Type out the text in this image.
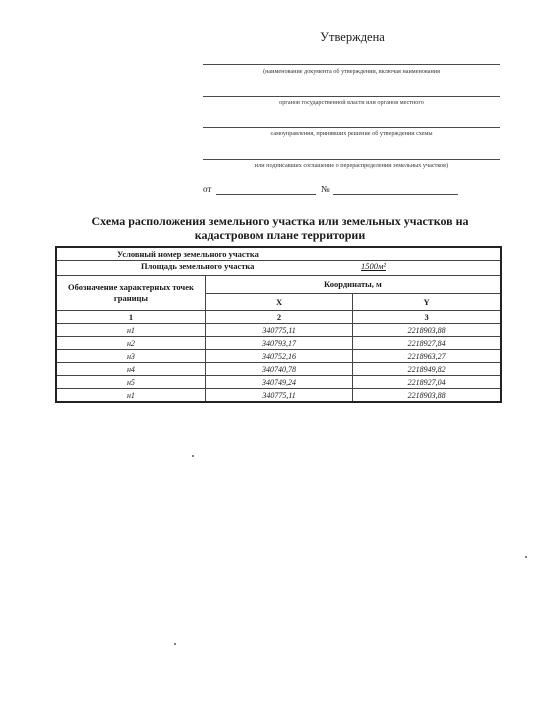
Утверждена
(наименование документа об утверждении, включая наименования
органов государственной власти или органов местного
самоуправления, принявших решение об утверждении схемы
или подписавших соглашение о перераспределении земельных участков)
от	№
Схема расположения земельного участка или земельных участков на
кадастровом плане территории
Условный номер земельного участка		

Площадь земельного участка 1500м²		

Обозначение характерных точек границы	Координаты, м	
	X	Y
1	2	3
н1	340775,11	2218903,88
н2	340793,17	2218927,84
н3	340752,16	2218963,27
н4	340740,78	2218949,82
н5	340749,24	2218927,04
н1	340775,11	2218903,88
